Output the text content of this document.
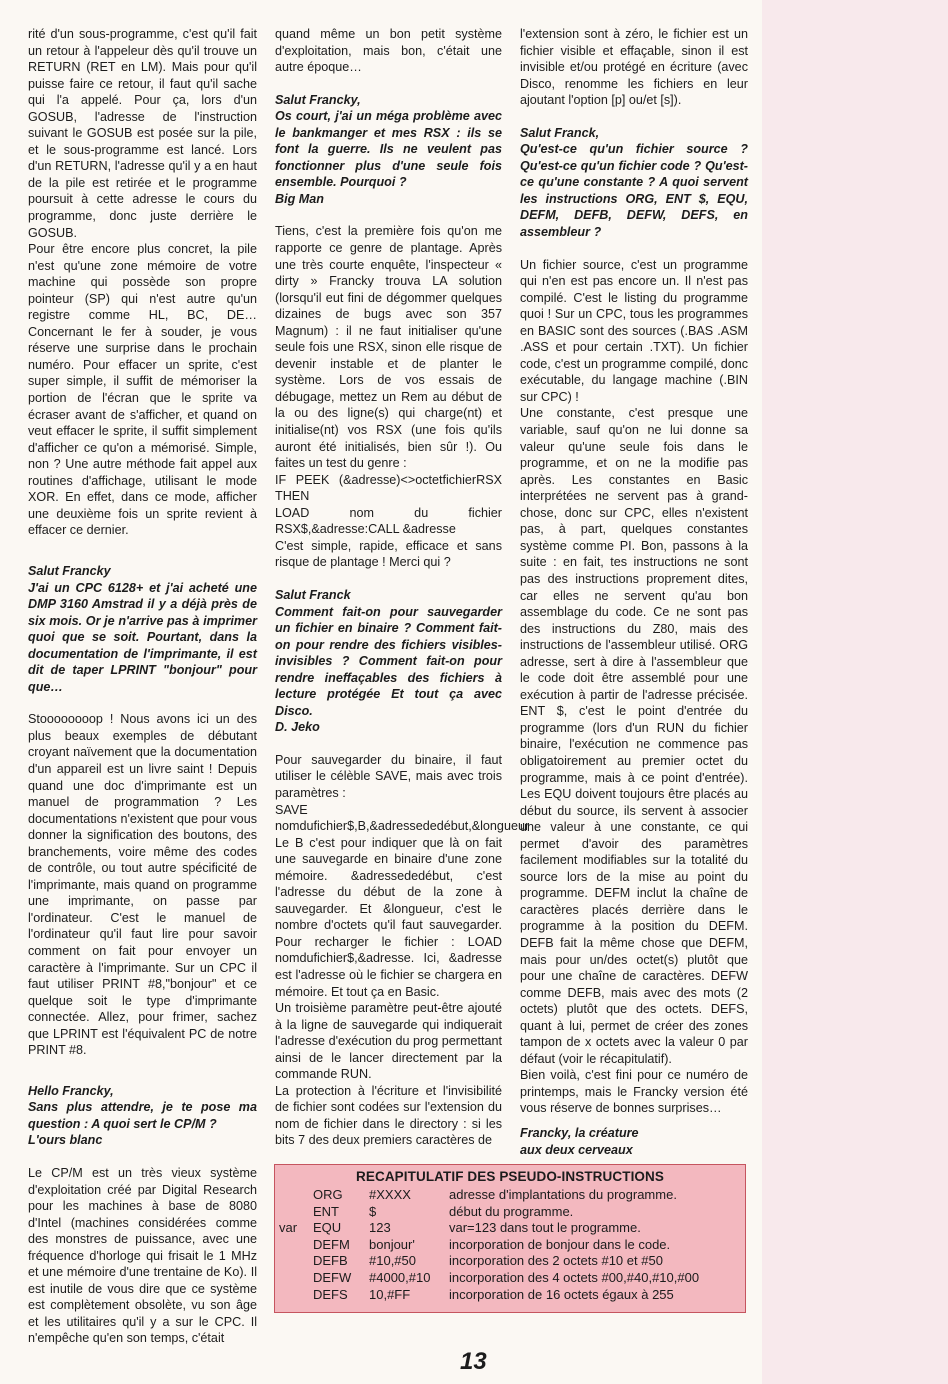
rité d'un sous-programme, c'est qu'il fait un retour à l'appeleur dès qu'il trouve un RETURN (RET en LM). Mais pour qu'il puisse faire ce retour, il faut qu'il sache qui l'a appelé. Pour ça, lors d'un GOSUB, l'adresse de l'instruction suivant le GOSUB est posée sur la pile, et le sous-programme est lancé. Lors d'un RETURN, l'adresse qu'il y a en haut de la pile est retirée et le programme poursuit à cette adresse le cours du programme, donc juste derrière le GOSUB.

Pour être encore plus concret, la pile n'est qu'une zone mémoire de votre machine qui possède son propre pointeur (SP) qui n'est autre qu'un registre comme HL, BC, DE… Concernant le fer à souder, je vous réserve une surprise dans le prochain numéro. Pour effacer un sprite, c'est super simple, il suffit de mémoriser la portion de l'écran que le sprite va écraser avant de s'afficher, et quand on veut effacer le sprite, il suffit simplement d'afficher ce qu'on a mémorisé. Simple, non ? Une autre méthode fait appel aux routines d'affichage, utilisant le mode XOR. En effet, dans ce mode, afficher une deuxième fois un sprite revient à effacer ce dernier.

Salut Francky

J'ai un CPC 6128+ et j'ai acheté une DMP 3160 Amstrad il y a déjà près de six mois. Or je n'arrive pas à imprimer quoi que se soit. Pourtant, dans la documentation de l'imprimante, il est dit de taper LPRINT "bonjour" pour que…

Stoooooooop ! Nous avons ici un des plus beaux exemples de débutant croyant naïvement que la documentation d'un appareil est un livre saint ! Depuis quand une doc d'imprimante est un manuel de programmation ? Les documentations n'existent que pour vous donner la signification des boutons, des branchements, voire même des codes de contrôle, ou tout autre spécificité de l'imprimante, mais quand on programme une imprimante, on passe par l'ordinateur. C'est le manuel de l'ordinateur qu'il faut lire pour savoir comment on fait pour envoyer un caractère à l'imprimante. Sur un CPC il faut utiliser PRINT #8,"bonjour" et ce quelque soit le type d'imprimante connectée. Allez, pour frimer, sachez que LPRINT est l'équivalent PC de notre PRINT #8.

Hello Francky,

Sans plus attendre, je te pose ma question : A quoi sert le CP/M ?

L'ours blanc

Le CP/M est un très vieux système d'exploitation créé par Digital Research pour les machines à base de 8080 d'Intel (machines considérées comme des monstres de puissance, avec une fréquence d'horloge qui frisait le 1 MHz et une mémoire d'une trentaine de Ko). Il est inutile de vous dire que ce système est complètement obsolète, vu son âge et les utilitaires qu'il y a sur le CPC. Il n'empêche qu'en son temps, c'était

quand même un bon petit système d'exploitation, mais bon, c'était une autre époque…

Salut Francky,

Os court, j'ai un méga problème avec le bankmanger et mes RSX : ils se font la guerre. Ils ne veulent pas fonctionner plus d'une seule fois ensemble. Pourquoi ?

Big Man

Tiens, c'est la première fois qu'on me rapporte ce genre de plantage. Après une très courte enquête, l'inspecteur « dirty » Francky trouva LA solution (lorsqu'il eut fini de dégommer quelques dizaines de bugs avec son 357 Magnum) : il ne faut initialiser qu'une seule fois une RSX, sinon elle risque de devenir instable et de planter le système. Lors de vos essais de débugage, mettez un Rem au début de la ou des ligne(s) qui charge(nt) et initialise(nt) vos RSX (une fois qu'ils auront été initialisés, bien sûr !). Ou faites un test du genre :

IF PEEK (&adresse)<>octetfichierRSX THEN

LOAD nom du fichier RSX$,&adresse:CALL &adresse

C'est simple, rapide, efficace et sans risque de plantage ! Merci qui ?

Salut Franck

Comment fait-on pour sauvegarder un fichier en binaire ? Comment fait-on pour rendre des fichiers visibles-invisibles ? Comment fait-on pour rendre ineffaçables des fichiers à lecture protégée Et tout ça avec Disco.

D. Jeko

Pour sauvegarder du binaire, il faut utiliser le célèble SAVE, mais avec trois paramètres :

SAVE nomdufichier$,B,&adressededébut,&longueur

Le B c'est pour indiquer que là on fait une sauvegarde en binaire d'une zone mémoire. &adressededébut, c'est l'adresse du début de la zone à sauvegarder. Et &longueur, c'est le nombre d'octets qu'il faut sauvegarder. Pour recharger le fichier : LOAD nomdufichier$,&adresse. Ici, &adresse est l'adresse où le fichier se chargera en mémoire. Et tout ça en Basic.

Un troisième paramètre peut-être ajouté à la ligne de sauvegarde qui indiquerait l'adresse d'exécution du prog permettant ainsi de le lancer directement par la commande RUN.

La protection à l'écriture et l'invisibilité de fichier sont codées sur l'extension du nom de fichier dans le directory : si les bits 7 des deux premiers caractères de

l'extension sont à zéro, le fichier est un fichier visible et effaçable, sinon il est invisible et/ou protégé en écriture (avec Disco, renomme les fichiers en leur ajoutant l'option [p] ou/et [s]).

Salut Franck,

Qu'est-ce qu'un fichier source ? Qu'est-ce qu'un fichier code ? Qu'est-ce qu'une constante ? A quoi servent les instructions ORG, ENT $, EQU, DEFM, DEFB, DEFW, DEFS, en assembleur ?

Un fichier source, c'est un programme qui n'en est pas encore un. Il n'est pas compilé. C'est le listing du programme quoi ! Sur un CPC, tous les programmes en BASIC sont des sources (.BAS .ASM .ASS et pour certain .TXT). Un fichier code, c'est un programme compilé, donc exécutable, du langage machine (.BIN sur CPC) !

Une constante, c'est presque une variable, sauf qu'on ne lui donne sa valeur qu'une seule fois dans le programme, et on ne la modifie pas après. Les constantes en Basic interprétées ne servent pas à grand-chose, donc sur CPC, elles n'existent pas, à part, quelques constantes système comme PI. Bon, passons à la suite : en fait, tes instructions ne sont pas des instructions proprement dites, car elles ne servent qu'au bon assemblage du code. Ce ne sont pas des instructions du Z80, mais des instructions de l'assembleur utilisé. ORG adresse, sert à dire à l'assembleur que le code doit être assemblé pour une exécution à partir de l'adresse précisée. ENT $, c'est le point d'entrée du programme (lors d'un RUN du fichier binaire, l'exécution ne commence pas obligatoirement au premier octet du programme, mais à ce point d'entrée). Les EQU doivent toujours être placés au début du source, ils servent à associer une valeur à une constante, ce qui permet d'avoir des paramètres facilement modifiables sur la totalité du source lors de la mise au point du programme. DEFM inclut la chaîne de caractères placés derrière dans le programme à la position du DEFM. DEFB fait la même chose que DEFM, mais pour un/des octet(s) plutôt que pour une chaîne de caractères. DEFW comme DEFB, mais avec des mots (2 octets) plutôt que des octets. DEFS, quant à lui, permet de créer des zones tampon de x octets avec la valeur 0 par défaut (voir le récapitulatif).

Bien voilà, c'est fini pour ce numéro de printemps, mais le Francky version été vous réserve de bonnes surprises…

Francky, la créature

aux deux cerveaux

RECAPITULATIF DES PSEUDO-INSTRUCTIONS
	ORG	#XXXX	adresse d'implantations du programme.
	ENT	$	début du programme.
var	EQU	123	var=123 dans tout le programme.
	DEFM	bonjour'	incorporation de bonjour dans le code.
	DEFB	#10,#50	incorporation des 2 octets #10 et #50
	DEFW	#4000,#10	incorporation des 4 octets #00,#40,#10,#00
	DEFS	10,#FF	incorporation de 16 octets égaux à 255
13
